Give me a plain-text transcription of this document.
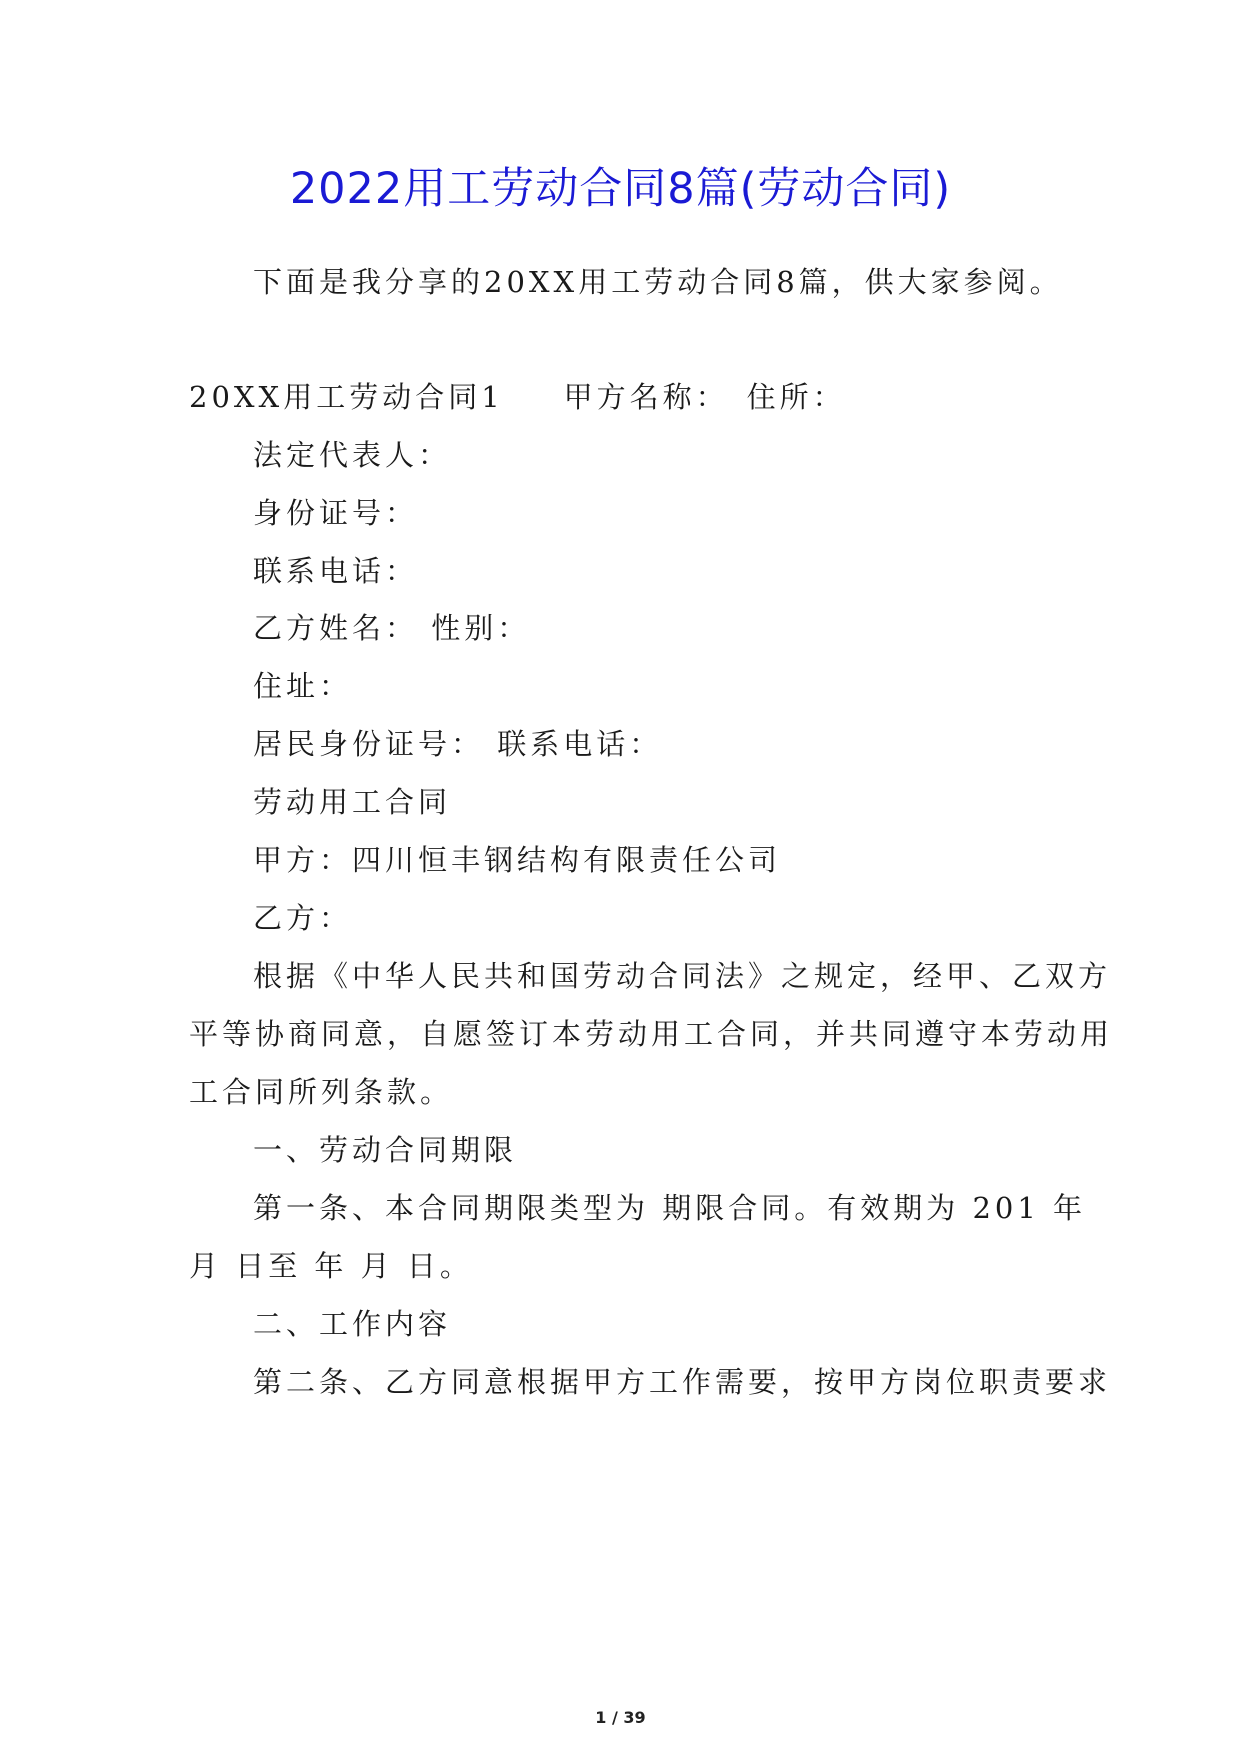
2022用工劳动合同8篇(劳动合同)
下面是我分享的20XX用工劳动合同8篇，供大家参阅。
20XX用工劳动合同1 甲方名称： 住所：
法定代表人：
身份证号：
联系电话：
乙方姓名： 性别：
住址：
居民身份证号： 联系电话：
劳动用工合同
甲方：四川恒丰钢结构有限责任公司
乙方：
根据《中华人民共和国劳动合同法》之规定，经甲、乙双方
平等协商同意，自愿签订本劳动用工合同，并共同遵守本劳动用
工合同所列条款。
一、劳动合同期限
第一条、本合同期限类型为 期限合同。有效期为 201 年
月 日至 年 月 日。
二、工作内容
第二条、乙方同意根据甲方工作需要，按甲方岗位职责要求
1 / 39
